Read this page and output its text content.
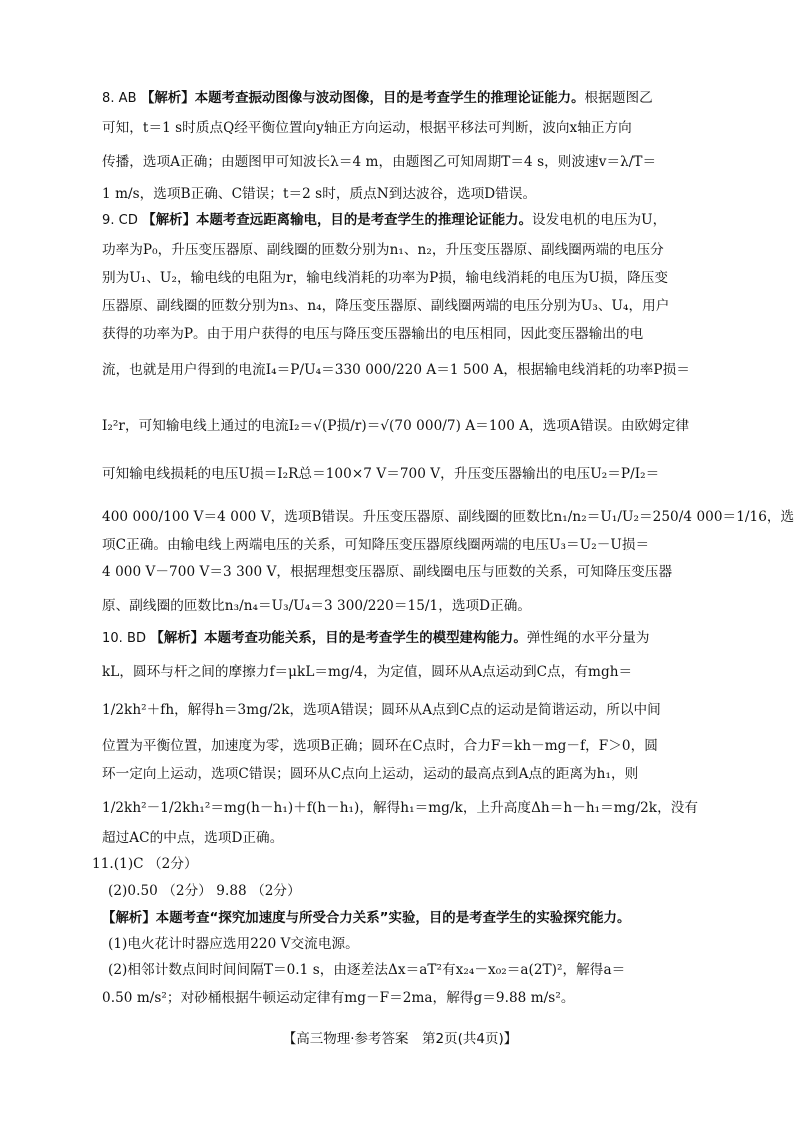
8. AB 【解析】本题考查振动图像与波动图像，目的是考查学生的推理论证能力。根据题图乙
可知，t＝1 s时质点Q经平衡位置向y轴正方向运动，根据平移法可判断，波向x轴正方向
传播，选项A正确；由题图甲可知波长λ＝4 m，由题图乙可知周期T＝4 s，则波速v＝λ/T＝
1 m/s，选项B正确、C错误；t＝2 s时，质点N到达波谷，选项D错误。
9. CD 【解析】本题考查远距离输电，目的是考查学生的推理论证能力。设发电机的电压为U，
功率为P₀，升压变压器原、副线圈的匝数分别为n₁、n₂，升压变压器原、副线圈两端的电压分
别为U₁、U₂，输电线的电阻为r，输电线消耗的功率为P损，输电线消耗的电压为U损，降压变
压器原、副线圈的匝数分别为n₃、n₄，降压变压器原、副线圈两端的电压分别为U₃、U₄，用户
获得的功率为P。由于用户获得的电压与降压变压器输出的电压相同，因此变压器输出的电
流，也就是用户得到的电流I₄＝P/U₄＝330 000/220 A＝1 500 A，根据输电线消耗的功率P损＝
I₂²r，可知输电线上通过的电流I₂＝√(P损/r)＝√(70 000/7) A＝100 A，选项A错误。由欧姆定律
可知输电线损耗的电压U损＝I₂R总＝100×7 V＝700 V，升压变压器输出的电压U₂＝P/I₂＝
400 000/100 V＝4 000 V，选项B错误。升压变压器原、副线圈的匝数比n₁/n₂＝U₁/U₂＝250/4 000＝1/16，选
项C正确。由输电线上两端电压的关系，可知降压变压器原线圈两端的电压U₃＝U₂－U损＝
4 000 V－700 V＝3 300 V，根据理想变压器原、副线圈电压与匝数的关系，可知降压变压器
原、副线圈的匝数比n₃/n₄＝U₃/U₄＝3 300/220＝15/1，选项D正确。
10. BD 【解析】本题考查功能关系，目的是考查学生的模型建构能力。弹性绳的水平分量为
kL，圆环与杆之间的摩擦力f＝μkL＝mg/4，为定值，圆环从A点运动到C点，有mgh＝
1/2kh²＋fh，解得h＝3mg/2k，选项A错误；圆环从A点到C点的运动是简谐运动，所以中间
位置为平衡位置，加速度为零，选项B正确；圆环在C点时，合力F＝kh－mg－f，F＞0，圆
环一定向上运动，选项C错误；圆环从C点向上运动，运动的最高点到A点的距离为h₁，则
1/2kh²－1/2kh₁²＝mg(h－h₁)＋f(h－h₁)，解得h₁＝mg/k，上升高度Δh＝h－h₁＝mg/2k，没有
超过AC的中点，选项D正确。
11.(1)C （2分）
(2)0.50 （2分） 9.88 （2分）
【解析】本题考查“探究加速度与所受合力关系”实验，目的是考查学生的实验探究能力。
(1)电火花计时器应选用220 V交流电源。
(2)相邻计数点间时间间隔T＝0.1 s，由逐差法Δx＝aT²有x₂₄－x₀₂＝a(2T)²，解得a＝
0.50 m/s²；对砂桶根据牛顿运动定律有mg－F＝2ma，解得g＝9.88 m/s²。
【高三物理·参考答案　第2页(共4页)】
